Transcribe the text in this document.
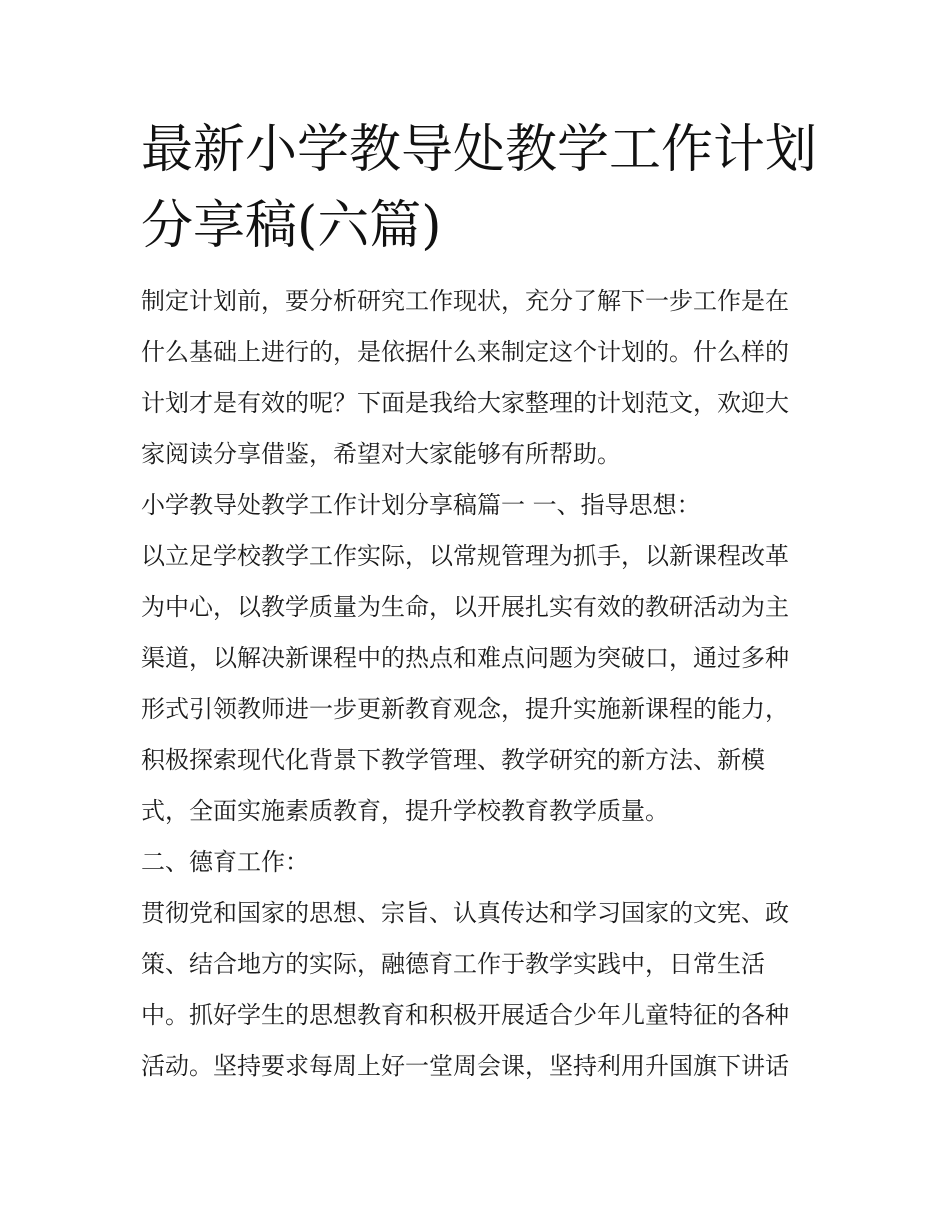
最新小学教导处教学工作计划
分享稿(六篇)
制定计划前，要分析研究工作现状，充分了解下一步工作是在
什么基础上进行的，是依据什么来制定这个计划的。什么样的
计划才是有效的呢？下面是我给大家整理的计划范文，欢迎大
家阅读分享借鉴，希望对大家能够有所帮助。
小学教导处教学工作计划分享稿篇一 一、指导思想：
以立足学校教学工作实际，以常规管理为抓手，以新课程改革
为中心，以教学质量为生命，以开展扎实有效的教研活动为主
渠道，以解决新课程中的热点和难点问题为突破口，通过多种
形式引领教师进一步更新教育观念，提升实施新课程的能力，
积极探索现代化背景下教学管理、教学研究的新方法、新模
式，全面实施素质教育，提升学校教育教学质量。
二、德育工作：
贯彻党和国家的思想、宗旨、认真传达和学习国家的文宪、政
策、结合地方的实际，融德育工作于教学实践中，日常生活
中。抓好学生的思想教育和积极开展适合少年儿童特征的各种
活动。坚持要求每周上好一堂周会课，坚持利用升国旗下讲话
